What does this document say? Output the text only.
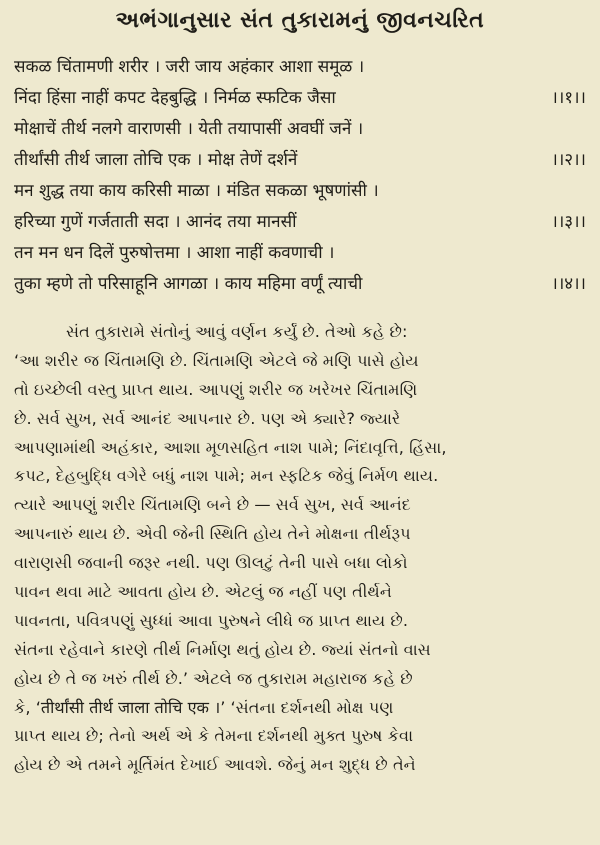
અભંગાનુસાર સંત તુકારામનું જીવનચરિત
सकळ चिंतामणी शरीर । जरी जाय अहंकार आशा समूळ ।
निंदा हिंसा नाहीं कपट देहबुद्धि । निर्मळ स्फटिक जैसा	।।१।।
मोक्षाचें तीर्थ नलगे वाराणसी । येती तयापासीं अवघीं जनें ।
तीर्थांसी तीर्थ जाला तोचि एक । मोक्ष तेणें दर्शनें	।।२।।
मन शुद्ध तया काय करिसी माळा । मंडित सकळा भूषणांसी ।
हरिच्या गुणें गर्जताती सदा । आनंद तया मानसीं	।।३।।
तन मन धन दिलें पुरुषोत्तमा । आशा नाहीं कवणाची ।
तुका म्हणे तो परिसाहूनि आगळा । काय महिमा वर्णूं त्याची	।।४।।
સંત તુકારામે સંતોનું આવું વર્ણન કર્યું છે. તેઓ કહે છે:
‘આ શરીર જ ચિંતામણિ છે. ચિંતામણિ એટલે જે મણિ પાસે હોય
તો ઇચ્છેલી વસ્તુ પ્રાપ્ત થાય. આપણું શરીર જ ખરેખર ચિંતામણિ
છે. સર્વ સુખ, સર્વ આનંદ આપનાર છે. પણ એ ક્યારે? જ્યારે
આપણામાંથી અહંકાર, આશા મૂળસહિત નાશ પામે; નિંદાવૃત્તિ, હિંસા,
કપટ, દેહબુદ્ધિ વગેરે બધું નાશ પામે; મન સ્ફટિક જેવું નિર્મળ થાય.
ત્યારે આપણું શરીર ચિંતામણિ બને છે — સર્વ સુખ, સર્વ આનંદ
આપનારું થાય છે. એવી જેની સ્થિતિ હોય તેને મોક્ષના તીર્થરૂપ
વારાણસી જવાની જરૂર નથી. પણ ઊલટું તેની પાસે બધા લોકો
પાવન થવા માટે આવતા હોય છે. એટલું જ નહીં પણ તીર્થને
પાવનતા, પવિત્રપણું સુધ્ધાં આવા પુરુષને લીધે જ પ્રાપ્ત થાય છે.
સંતના રહેવાને કારણે તીર્થ નિર્માણ થતું હોય છે. જ્યાં સંતનો વાસ
હોય છે તે જ ખરું તીર્થ છે.’ એટલે જ તુકારામ મહારાજ કહે છે
કે, ‘तीर्थांसी तीर्थ जाला तोचि एक ।’ ‘સંતના દર્શનથી મોક્ષ પણ
પ્રાપ્ત થાય છે; તેનો અર્થ એ કે તેમના દર્શનથી મુક્ત પુરુષ કેવા
હોય છે એ તમને મૂર્તિમંત દેખાઈ આવશે. જેનું મન શુદ્ધ છે તેને
